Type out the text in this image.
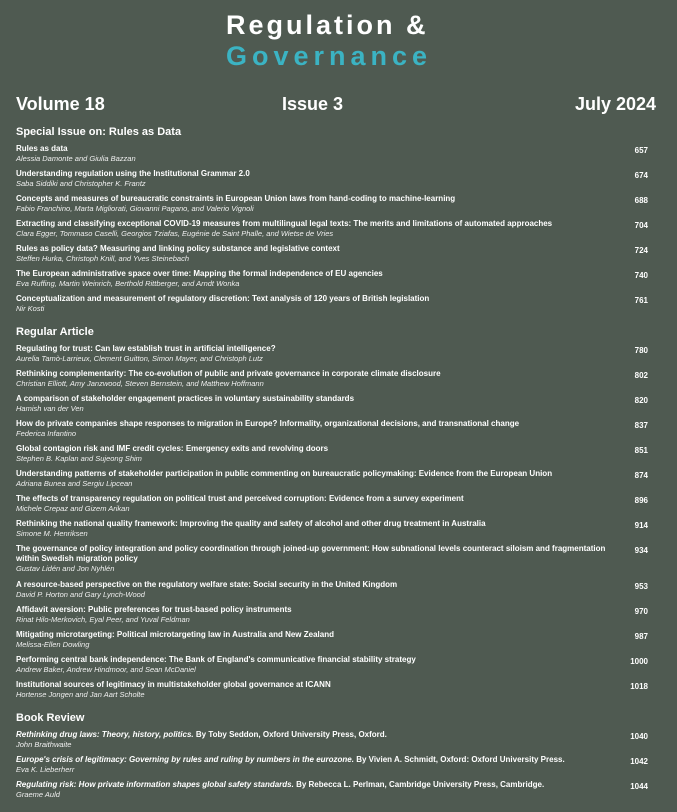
Regulation &
Governance
Volume 18	Issue 3	July 2024
Special Issue on: Rules as Data
Rules as data
Alessia Damonte and Giulia Bazzan
657
Understanding regulation using the Institutional Grammar 2.0
Saba Siddiki and Christopher K. Frantz
674
Concepts and measures of bureaucratic constraints in European Union laws from hand-coding to machine-learning
Fabio Franchino, Marta Migliorati, Giovanni Pagano, and Valerio Vignoli
688
Extracting and classifying exceptional COVID-19 measures from multilingual legal texts: The merits and limitations of automated approaches
Clara Egger, Tommaso Caselli, Georgios Tziafas, Eugénie de Saint Phalle, and Wietse de Vries
704
Rules as policy data? Measuring and linking policy substance and legislative context
Steffen Hurka, Christoph Knill, and Yves Steinebach
724
The European administrative space over time: Mapping the formal independence of EU agencies
Eva Ruffing, Martin Weinrich, Berthold Rittberger, and Arndt Wonka
740
Conceptualization and measurement of regulatory discretion: Text analysis of 120 years of British legislation
Nir Kosti
761
Regular Article
Regulating for trust: Can law establish trust in artificial intelligence?
Aurelia Tamò-Larrieux, Clement Guitton, Simon Mayer, and Christoph Lutz
780
Rethinking complementarity: The co-evolution of public and private governance in corporate climate disclosure
Christian Elliott, Amy Janzwood, Steven Bernstein, and Matthew Hoffmann
802
A comparison of stakeholder engagement practices in voluntary sustainability standards
Hamish van der Ven
820
How do private companies shape responses to migration in Europe? Informality, organizational decisions, and transnational change
Federica Infantino
837
Global contagion risk and IMF credit cycles: Emergency exits and revolving doors
Stephen B. Kaplan and Sujeong Shim
851
Understanding patterns of stakeholder participation in public commenting on bureaucratic policymaking: Evidence from the European Union
Adriana Bunea and Sergiu Lipcean
874
The effects of transparency regulation on political trust and perceived corruption: Evidence from a survey experiment
Michele Crepaz and Gizem Arikan
896
Rethinking the national quality framework: Improving the quality and safety of alcohol and other drug treatment in Australia
Simone M. Henriksen
914
The governance of policy integration and policy coordination through joined-up government: How subnational levels counteract siloism and fragmentation within Swedish migration policy
Gustav Lidén and Jon Nyhlén
934
A resource-based perspective on the regulatory welfare state: Social security in the United Kingdom
David P. Horton and Gary Lynch-Wood
953
Affidavit aversion: Public preferences for trust-based policy instruments
Rinat Hilo-Merkovich, Eyal Peer, and Yuval Feldman
970
Mitigating microtargeting: Political microtargeting law in Australia and New Zealand
Melissa-Ellen Dowling
987
Performing central bank independence: The Bank of England's communicative financial stability strategy
Andrew Baker, Andrew Hindmoor, and Sean McDaniel
1000
Institutional sources of legitimacy in multistakeholder global governance at ICANN
Hortense Jongen and Jan Aart Scholte
1018
Book Review
Rethinking drug laws: Theory, history, politics. By Toby Seddon, Oxford University Press, Oxford.
John Braithwaite
1040
Europe's crisis of legitimacy: Governing by rules and ruling by numbers in the eurozone. By Vivien A. Schmidt, Oxford: Oxford University Press.
Eva K. Lieberherr
1042
Regulating risk: How private information shapes global safety standards. By Rebecca L. Perlman, Cambridge University Press, Cambridge.
Graeme Auld
1044
